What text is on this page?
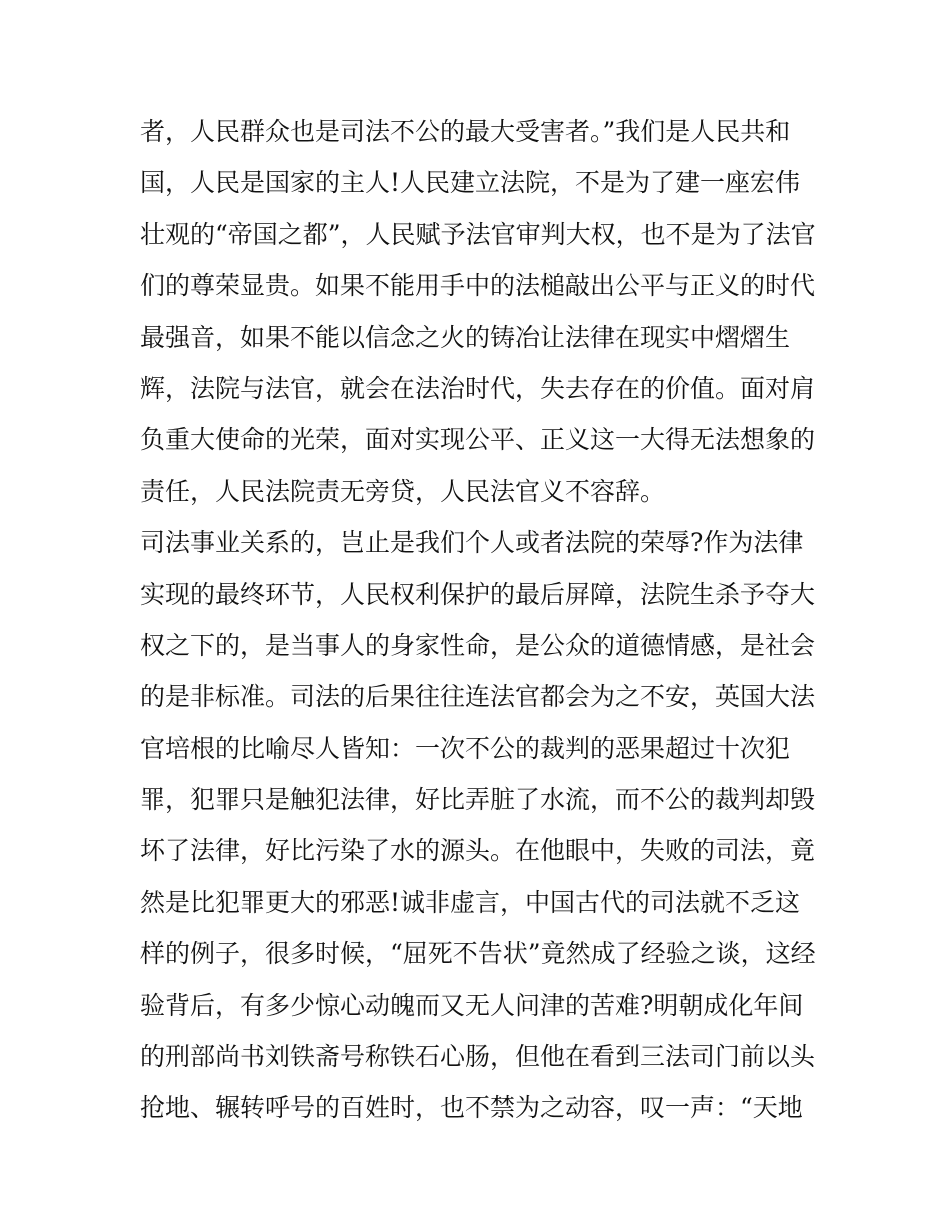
者，人民群众也是司法不公的最大受害者。”我们是人民共和
国，人民是国家的主人!人民建立法院，不是为了建一座宏伟
壮观的“帝国之都”，人民赋予法官审判大权，也不是为了法官
们的尊荣显贵。如果不能用手中的法槌敲出公平与正义的时代
最强音，如果不能以信念之火的铸冶让法律在现实中熠熠生
辉，法院与法官，就会在法治时代，失去存在的价值。面对肩
负重大使命的光荣，面对实现公平、正义这一大得无法想象的
责任，人民法院责无旁贷，人民法官义不容辞。
司法事业关系的，岂止是我们个人或者法院的荣辱?作为法律
实现的最终环节，人民权利保护的最后屏障，法院生杀予夺大
权之下的，是当事人的身家性命，是公众的道德情感，是社会
的是非标准。司法的后果往往连法官都会为之不安，英国大法
官培根的比喻尽人皆知：一次不公的裁判的恶果超过十次犯
罪，犯罪只是触犯法律，好比弄脏了水流，而不公的裁判却毁
坏了法律，好比污染了水的源头。在他眼中，失败的司法，竟
然是比犯罪更大的邪恶!诚非虚言，中国古代的司法就不乏这
样的例子，很多时候，“屈死不告状”竟然成了经验之谈，这经
验背后，有多少惊心动魄而又无人问津的苦难?明朝成化年间
的刑部尚书刘铁斋号称铁石心肠，但他在看到三法司门前以头
抢地、辗转呼号的百姓时，也不禁为之动容，叹一声：“天地
